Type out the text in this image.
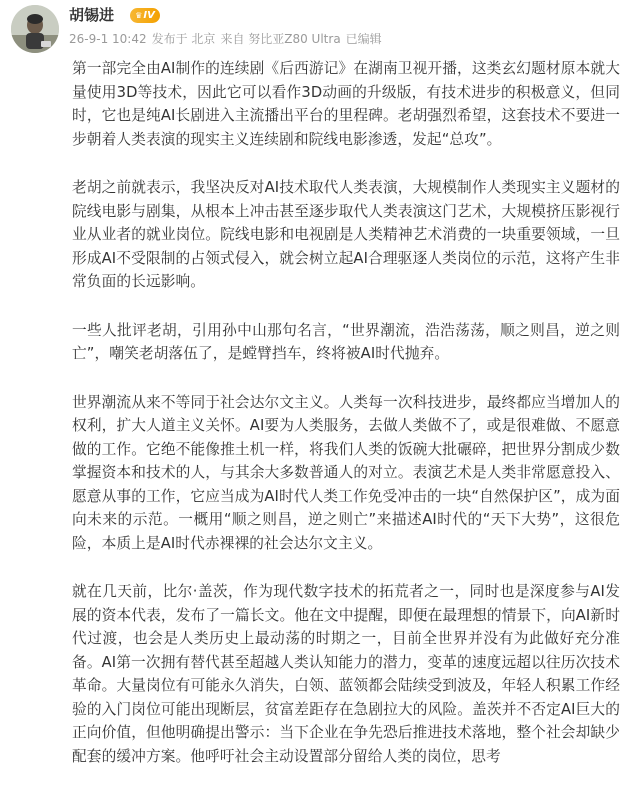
胡锡进	♛IV
26-9-1 10:42 发布于 北京 来自 努比亚Z80 Ultra 已编辑

第一部完全由AI制作的连续剧《后西游记》在湖南卫视开播，这类玄幻题材原本就大量使用3D等技术，因此它可以看作3D动画的升级版，有技术进步的积极意义，但同时，它也是纯AI长剧进入主流播出平台的里程碑。老胡强烈希望，这套技术不要进一步朝着人类表演的现实主义连续剧和院线电影渗透，发起“总攻”。

老胡之前就表示，我坚决反对AI技术取代人类表演，大规模制作人类现实主义题材的院线电影与剧集，从根本上冲击甚至逐步取代人类表演这门艺术，大规模挤压影视行业从业者的就业岗位。院线电影和电视剧是人类精神艺术消费的一块重要领域，一旦形成AI不受限制的占领式侵入，就会树立起AI合理驱逐人类岗位的示范，这将产生非常负面的长远影响。

一些人批评老胡，引用孙中山那句名言，“世界潮流，浩浩荡荡，顺之则昌，逆之则亡”，嘲笑老胡落伍了，是螳臂挡车，终将被AI时代抛弃。

世界潮流从来不等同于社会达尔文主义。人类每一次科技进步，最终都应当增加人的权利，扩大人道主义关怀。AI要为人类服务，去做人类做不了，或是很难做、不愿意做的工作。它绝不能像推土机一样，将我们人类的饭碗大批碾碎，把世界分割成少数掌握资本和技术的人，与其余大多数普通人的对立。表演艺术是人类非常愿意投入、愿意从事的工作，它应当成为AI时代人类工作免受冲击的一块“自然保护区”，成为面向未来的示范。一概用“顺之则昌，逆之则亡”来描述AI时代的“天下大势”，这很危险，本质上是AI时代赤裸裸的社会达尔文主义。

就在几天前，比尔·盖茨，作为现代数字技术的拓荒者之一，同时也是深度参与AI发展的资本代表，发布了一篇长文。他在文中提醒，即便在最理想的情景下，向AI新时代过渡，也会是人类历史上最动荡的时期之一，目前全世界并没有为此做好充分准备。AI第一次拥有替代甚至超越人类认知能力的潜力，变革的速度远超以往历次技术革命。大量岗位有可能永久消失，白领、蓝领都会陆续受到波及，年轻人积累工作经验的入门岗位可能出现断层，贫富差距存在急剧拉大的风险。盖茨并不否定AI巨大的正向价值，但他明确提出警示：当下企业在争先恐后推进技术落地，整个社会却缺少配套的缓冲方案。他呼吁社会主动设置部分留给人类的岗位，思考
